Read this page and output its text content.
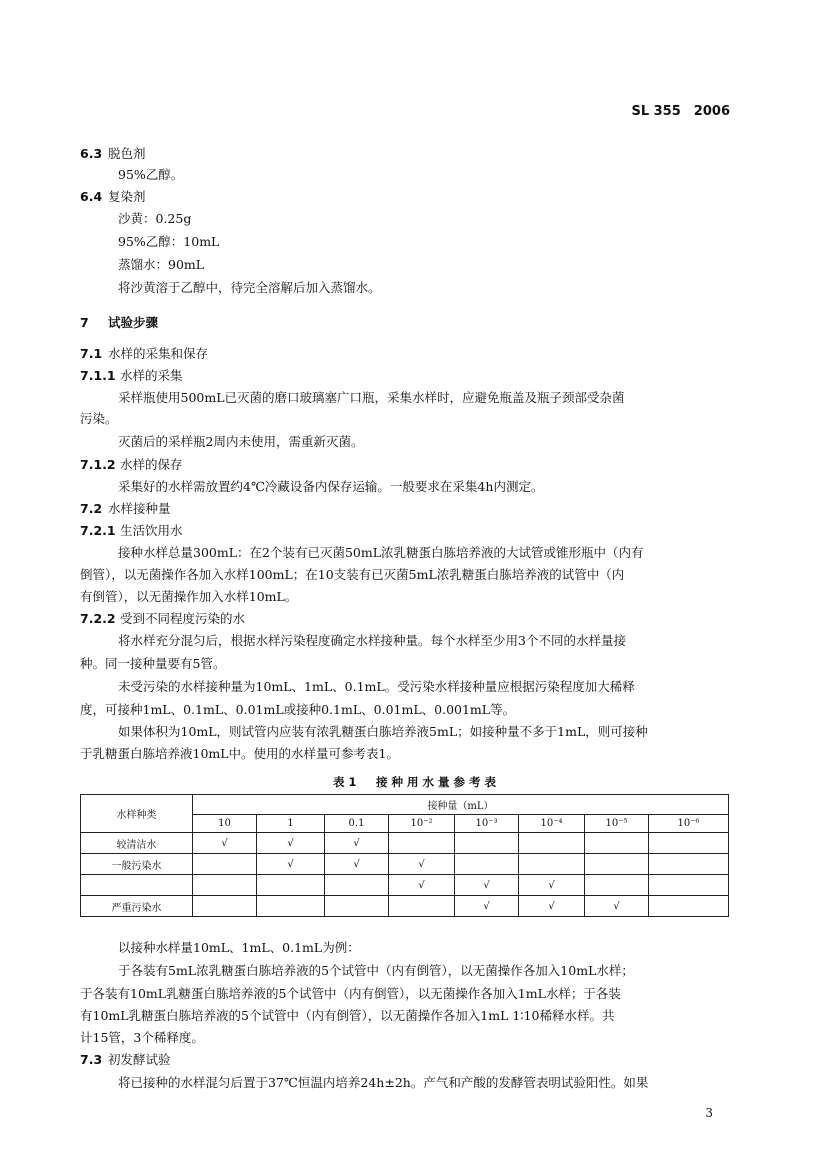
SL 355 2006
6.3 脱色剂
95%乙醇。
6.4 复染剂
沙黄：0.25g
95%乙醇：10mL
蒸馏水：90mL
将沙黄溶于乙醇中，待完全溶解后加入蒸馏水。
7 试验步骤
7.1 水样的采集和保存
7.1.1 水样的采集
采样瓶使用500mL已灭菌的磨口玻璃塞广口瓶，采集水样时，应避免瓶盖及瓶子颈部受杂菌
污染。
灭菌后的采样瓶2周内未使用，需重新灭菌。
7.1.2 水样的保存
采集好的水样需放置约4℃冷藏设备内保存运输。一般要求在采集4h内测定。
7.2 水样接种量
7.2.1 生活饮用水
接种水样总量300mL：在2个装有已灭菌50mL浓乳糖蛋白胨培养液的大试管或锥形瓶中（内有
倒管），以无菌操作各加入水样100mL；在10支装有已灭菌5mL浓乳糖蛋白胨培养液的试管中（内
有倒管），以无菌操作加入水样10mL。
7.2.2 受到不同程度污染的水
将水样充分混匀后，根据水样污染程度确定水样接种量。每个水样至少用3个不同的水样量接
种。同一接种量要有5管。
未受污染的水样接种量为10mL、1mL、0.1mL。受污染水样接种量应根据污染程度加大稀释
度，可接种1mL、0.1mL、0.01mL或接种0.1mL、0.01mL、0.001mL等。
如果体积为10mL，则试管内应装有浓乳糖蛋白胨培养液5mL；如接种量不多于1mL，则可接种
于乳糖蛋白胨培养液10mL中。使用的水样量可参考表1。
以接种水样量10mL、1mL、0.1mL为例：
于各装有5mL浓乳糖蛋白胨培养液的5个试管中（内有倒管），以无菌操作各加入10mL水样；
于各装有10mL乳糖蛋白胨培养液的5个试管中（内有倒管），以无菌操作各加入1mL水样；于各装
有10mL乳糖蛋白胨培养液的5个试管中（内有倒管），以无菌操作各加入1mL 1∶10稀释水样。共
计15管，3个稀释度。
7.3 初发酵试验
将已接种的水样混匀后置于37℃恒温内培养24h±2h。产气和产酸的发酵管表明试验阳性。如果
表1　接种用水量参考表
水样种类	接种量（mL）							
	10	1	0.1	10⁻²	10⁻³	10⁻⁴	10⁻⁵	10⁻⁶
较清洁水	√	√	√					
一般污染水		√	√	√				
				√	√	√		
严重污染水					√	√	√	
3
